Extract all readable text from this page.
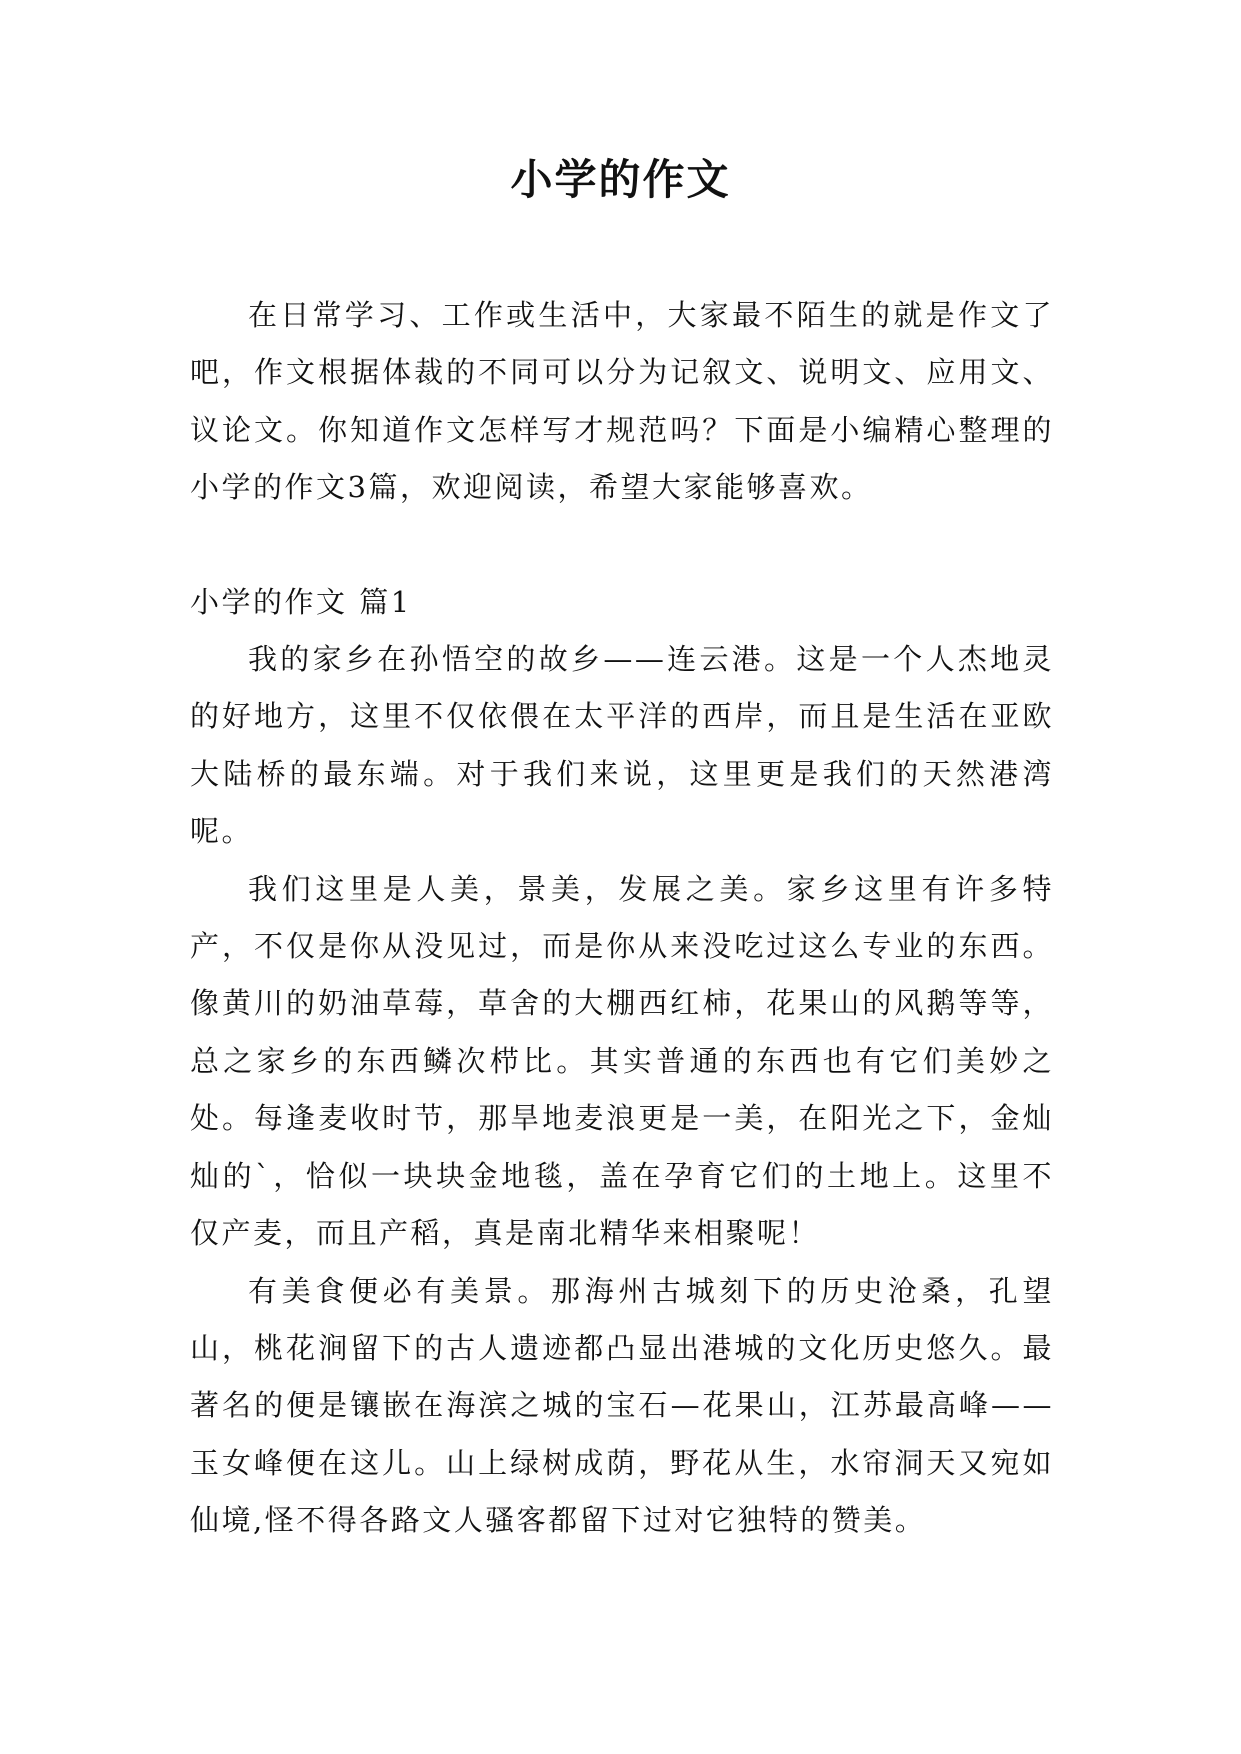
小学的作文

在日常学习、工作或生活中，大家最不陌生的就是作文了吧，作文根据体裁的不同可以分为记叙文、说明文、应用文、议论文。你知道作文怎样写才规范吗？下面是小编精心整理的小学的作文3篇，欢迎阅读，希望大家能够喜欢。

小学的作文 篇1

我的家乡在孙悟空的故乡——连云港。这是一个人杰地灵的好地方，这里不仅依偎在太平洋的西岸，而且是生活在亚欧大陆桥的最东端。对于我们来说，这里更是我们的天然港湾呢。

我们这里是人美，景美，发展之美。家乡这里有许多特产，不仅是你从没见过，而是你从来没吃过这么专业的东西。像黄川的奶油草莓，草舍的大棚西红柿，花果山的风鹅等等，总之家乡的东西鳞次栉比。其实普通的东西也有它们美妙之处。每逢麦收时节，那旱地麦浪更是一美，在阳光之下，金灿灿的`，恰似一块块金地毯，盖在孕育它们的土地上。这里不仅产麦，而且产稻，真是南北精华来相聚呢！

有美食便必有美景。那海州古城刻下的历史沧桑，孔望山，桃花涧留下的古人遗迹都凸显出港城的文化历史悠久。最著名的便是镶嵌在海滨之城的宝石—花果山，江苏最高峰——玉女峰便在这儿。山上绿树成荫，野花从生，水帘洞天又宛如仙境,怪不得各路文人骚客都留下过对它独特的赞美。
